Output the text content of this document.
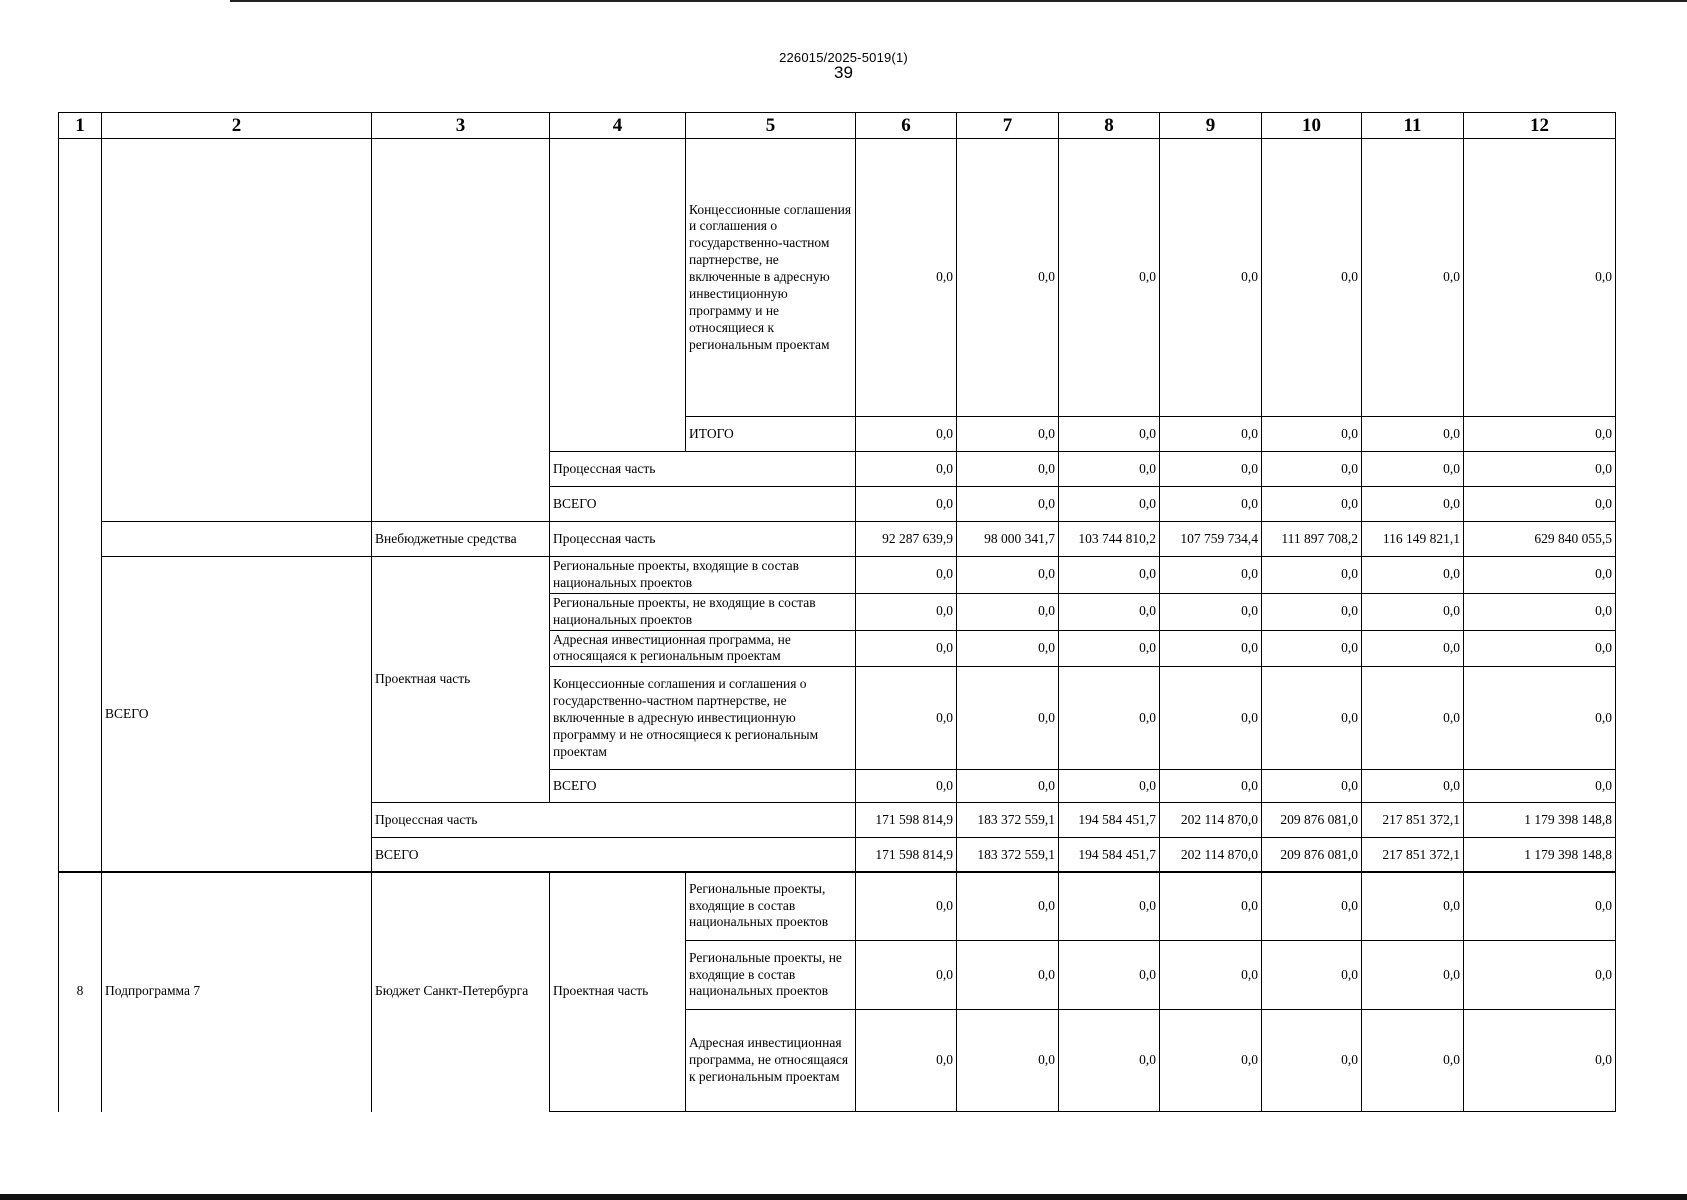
226015/2025-5019(1)
39
1	2	3	4	5	6	7	8	9	10	11	12
				Концессионные соглашения и соглашения о государственно-частном партнерстве, не включенные в адресную инвестиционную программу и не относящиеся к региональным проектам	0,0	0,0	0,0	0,0	0,0	0,0	0,0
				ИТОГО	0,0	0,0	0,0	0,0	0,0	0,0	0,0
			Процессная часть		0,0	0,0	0,0	0,0	0,0	0,0	0,0
			ВСЕГО		0,0	0,0	0,0	0,0	0,0	0,0	0,0
		Внебюджетные средства	Процессная часть		92 287 639,9	98 000 341,7	103 744 810,2	107 759 734,4	111 897 708,2	116 149 821,1	629 840 055,5
	ВСЕГО	Проектная часть	Региональные проекты, входящие в состав национальных проектов		0,0	0,0	0,0	0,0	0,0	0,0	0,0
			Региональные проекты, не входящие в состав национальных проектов		0,0	0,0	0,0	0,0	0,0	0,0	0,0
			Адресная инвестиционная программа, не относящаяся к региональным проектам		0,0	0,0	0,0	0,0	0,0	0,0	0,0
			Концессионные соглашения и соглашения о государственно-частном партнерстве, не включенные в адресную инвестиционную программу и не относящиеся к региональным проектам		0,0	0,0	0,0	0,0	0,0	0,0	0,0
			ВСЕГО		0,0	0,0	0,0	0,0	0,0	0,0	0,0
		Процессная часть			171 598 814,9	183 372 559,1	194 584 451,7	202 114 870,0	209 876 081,0	217 851 372,1	1 179 398 148,8
		ВСЕГО			171 598 814,9	183 372 559,1	194 584 451,7	202 114 870,0	209 876 081,0	217 851 372,1	1 179 398 148,8
8	Подпрограмма 7	Бюджет Санкт-Петербурга	Проектная часть	Региональные проекты, входящие в состав национальных проектов	0,0	0,0	0,0	0,0	0,0	0,0	0,0
				Региональные проекты, не входящие в состав национальных проектов	0,0	0,0	0,0	0,0	0,0	0,0	0,0
				Адресная инвестиционная программа, не относящаяся к региональным проектам	0,0	0,0	0,0	0,0	0,0	0,0	0,0
